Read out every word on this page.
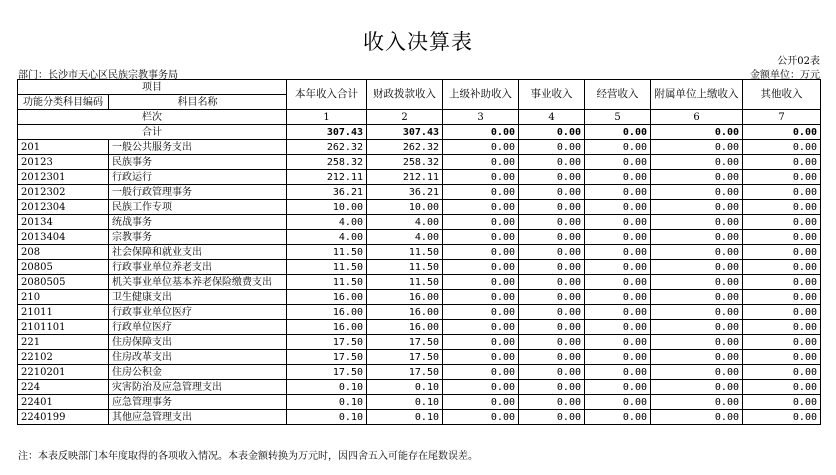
收入决算表
公开02表
部门：长沙市天心区民族宗教事务局	金额单位：万元
项目		本年收入合计	财政拨款收入	上级补助收入	事业收入	经营收入	附属单位上缴收入	其他收入
功能分类科目编码	科目名称							
栏次		1	2	3	4	5	6	7
合计		307.43	307.43	0.00	0.00	0.00	0.00	0.00
201	一般公共服务支出	262.32	262.32	0.00	0.00	0.00	0.00	0.00
20123	民族事务	258.32	258.32	0.00	0.00	0.00	0.00	0.00
2012301	行政运行	212.11	212.11	0.00	0.00	0.00	0.00	0.00
2012302	一般行政管理事务	36.21	36.21	0.00	0.00	0.00	0.00	0.00
2012304	民族工作专项	10.00	10.00	0.00	0.00	0.00	0.00	0.00
20134	统战事务	4.00	4.00	0.00	0.00	0.00	0.00	0.00
2013404	宗教事务	4.00	4.00	0.00	0.00	0.00	0.00	0.00
208	社会保障和就业支出	11.50	11.50	0.00	0.00	0.00	0.00	0.00
20805	行政事业单位养老支出	11.50	11.50	0.00	0.00	0.00	0.00	0.00
2080505	机关事业单位基本养老保险缴费支出	11.50	11.50	0.00	0.00	0.00	0.00	0.00
210	卫生健康支出	16.00	16.00	0.00	0.00	0.00	0.00	0.00
21011	行政事业单位医疗	16.00	16.00	0.00	0.00	0.00	0.00	0.00
2101101	行政单位医疗	16.00	16.00	0.00	0.00	0.00	0.00	0.00
221	住房保障支出	17.50	17.50	0.00	0.00	0.00	0.00	0.00
22102	住房改革支出	17.50	17.50	0.00	0.00	0.00	0.00	0.00
2210201	住房公积金	17.50	17.50	0.00	0.00	0.00	0.00	0.00
224	灾害防治及应急管理支出	0.10	0.10	0.00	0.00	0.00	0.00	0.00
22401	应急管理事务	0.10	0.10	0.00	0.00	0.00	0.00	0.00
2240199	其他应急管理支出	0.10	0.10	0.00	0.00	0.00	0.00	0.00
注：本表反映部门本年度取得的各项收入情况。本表金额转换为万元时，因四舍五入可能存在尾数误差。
